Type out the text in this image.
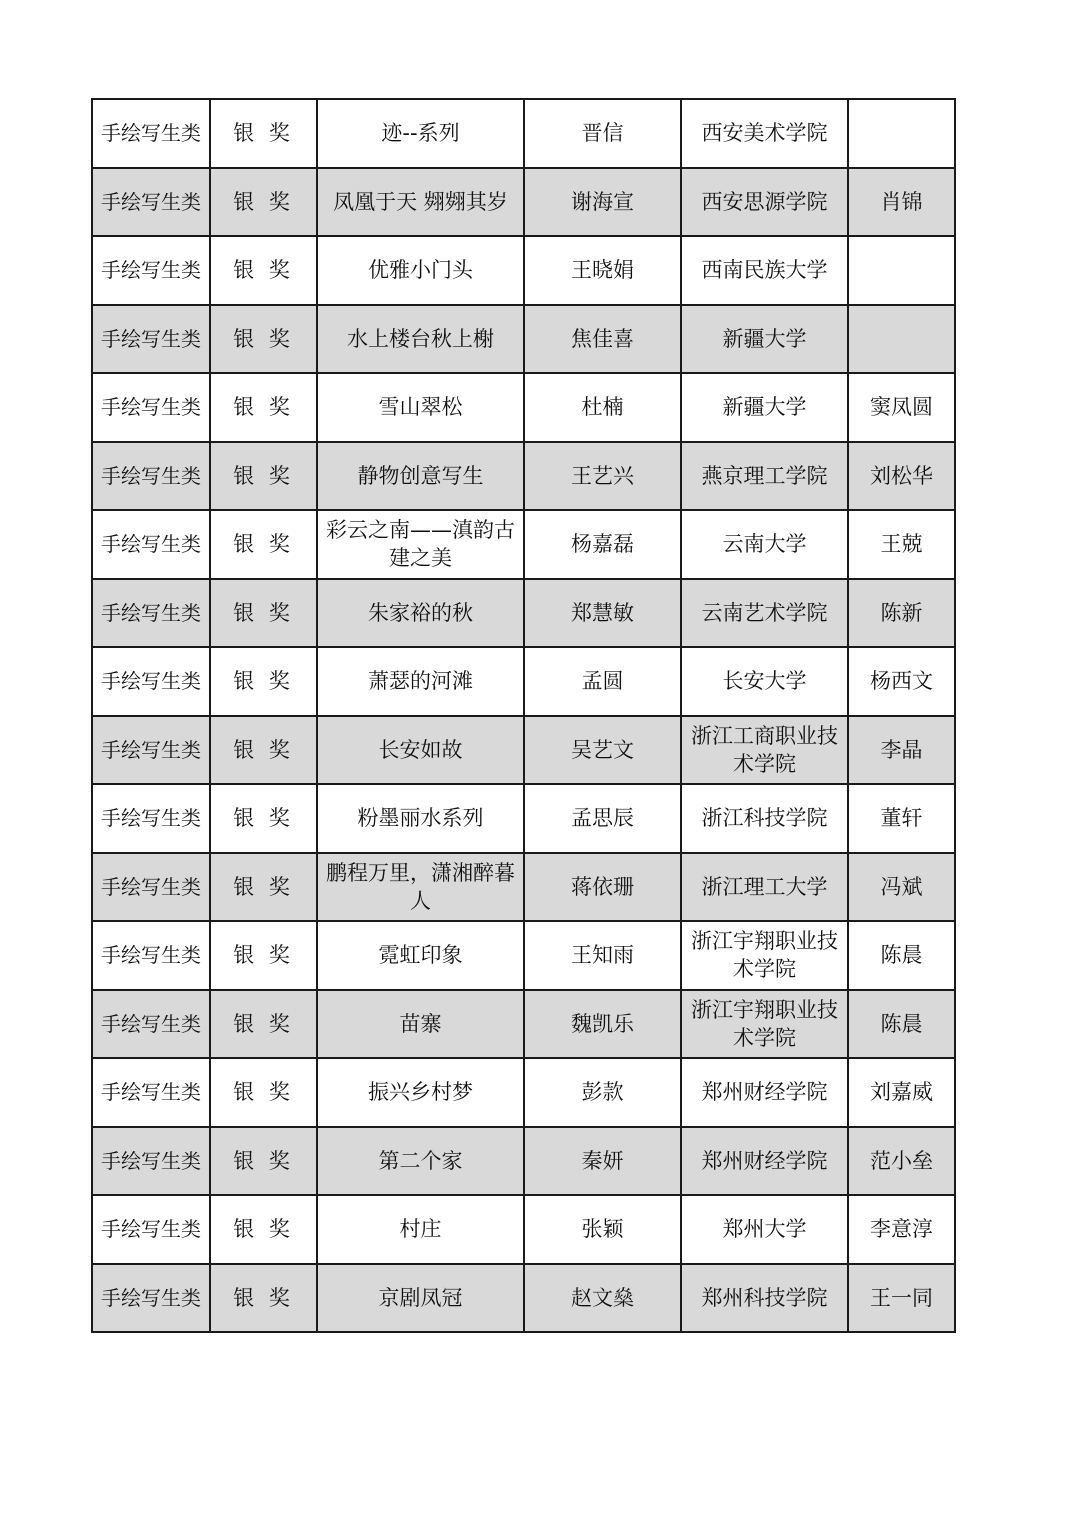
手绘写生类	银 奖	迹--系列	晋信	西安美术学院	
手绘写生类	银 奖	凤凰于天 翙翙其岁	谢海宣	西安思源学院	肖锦
手绘写生类	银 奖	优雅小门头	王晓娟	西南民族大学	
手绘写生类	银 奖	水上楼台秋上榭	焦佳喜	新疆大学	
手绘写生类	银 奖	雪山翠松	杜楠	新疆大学	窦凤圆
手绘写生类	银 奖	静物创意写生	王艺兴	燕京理工学院	刘松华
手绘写生类	银 奖	彩云之南——滇韵古建之美	杨嘉磊	云南大学	王兢
手绘写生类	银 奖	朱家裕的秋	郑慧敏	云南艺术学院	陈新
手绘写生类	银 奖	萧瑟的河滩	孟圆	长安大学	杨西文
手绘写生类	银 奖	长安如故	吴艺文	浙江工商职业技术学院	李晶
手绘写生类	银 奖	粉墨丽水系列	孟思辰	浙江科技学院	董轩
手绘写生类	银 奖	鹏程万里，潇湘醉暮人	蒋依珊	浙江理工大学	冯斌
手绘写生类	银 奖	霓虹印象	王知雨	浙江宇翔职业技术学院	陈晨
手绘写生类	银 奖	苗寨	魏凯乐	浙江宇翔职业技术学院	陈晨
手绘写生类	银 奖	振兴乡村梦	彭款	郑州财经学院	刘嘉威
手绘写生类	银 奖	第二个家	秦妍	郑州财经学院	范小垒
手绘写生类	银 奖	村庄	张颖	郑州大学	李意淳
手绘写生类	银 奖	京剧凤冠	赵文燊	郑州科技学院	王一同
